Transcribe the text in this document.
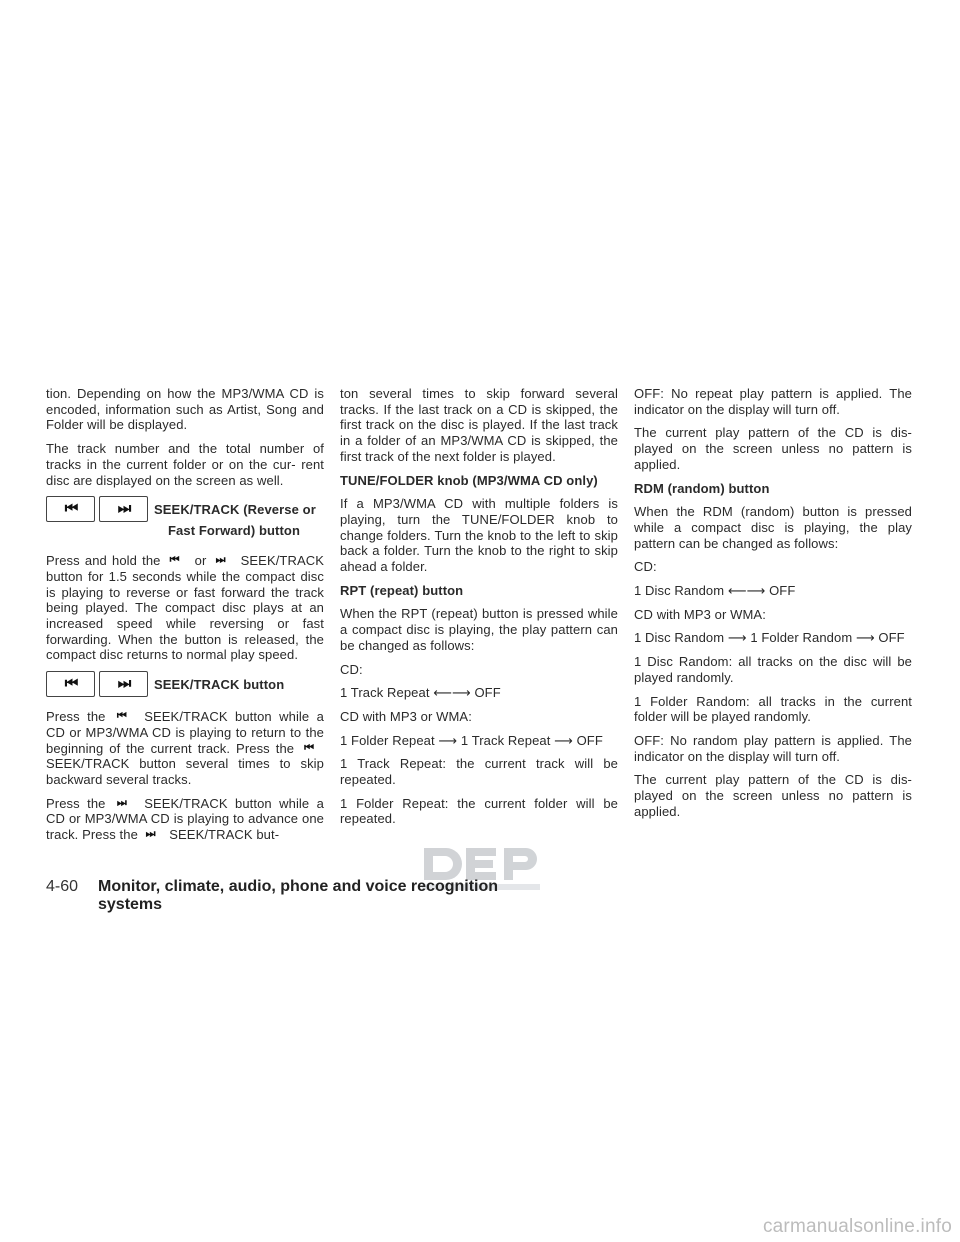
tion. Depending on how the MP3/WMA CD is encoded, information such as Artist, Song and Folder will be displayed.

The track number and the total number of tracks in the current folder or on the cur- rent disc are displayed on the screen as well.

⏮	⏭	SEEK/TRACK (Reverse or
Fast Forward) button

Press and hold the ⏮ or ⏭ SEEK/TRACK button for 1.5 seconds while the compact disc is playing to reverse or fast forward the track being played. The compact disc plays at an increased speed while reversing or fast forwarding. When the button is released, the compact disc returns to normal play speed.

⏮	⏭	SEEK/TRACK button

Press the ⏮ SEEK/TRACK button while a CD or MP3/WMA CD is playing to return to the beginning of the current track. Press the ⏮ SEEK/TRACK button several times to skip backward several tracks.

Press the ⏭ SEEK/TRACK button while a CD or MP3/WMA CD is playing to advance one track. Press the ⏭ SEEK/TRACK but-

ton several times to skip forward several tracks. If the last track on a CD is skipped, the first track on the disc is played. If the last track in a folder of an MP3/WMA CD is skipped, the first track of the next folder is played.

TUNE/FOLDER knob (MP3/WMA CD only)

If a MP3/WMA CD with multiple folders is playing, turn the TUNE/FOLDER knob to change folders. Turn the knob to the left to skip back a folder. Turn the knob to the right to skip ahead a folder.

RPT (repeat) button

When the RPT (repeat) button is pressed while a compact disc is playing, the play pattern can be changed as follows:

CD:

1 Track Repeat ⟵⟶ OFF

CD with MP3 or WMA:

1 Folder Repeat ⟶ 1 Track Repeat ⟶ OFF

1 Track Repeat: the current track will be repeated.

1 Folder Repeat: the current folder will be repeated.

OFF: No repeat play pattern is applied. The indicator on the display will turn off.

The current play pattern of the CD is dis- played on the screen unless no pattern is applied.

RDM (random) button

When the RDM (random) button is pressed while a compact disc is playing, the play pattern can be changed as follows:

CD:

1 Disc Random ⟵⟶ OFF

CD with MP3 or WMA:

1 Disc Random ⟶ 1 Folder Random ⟶ OFF

1 Disc Random: all tracks on the disc will be played randomly.

1 Folder Random: all tracks in the current folder will be played randomly.

OFF: No random play pattern is applied. The indicator on the display will turn off.

The current play pattern of the CD is dis- played on the screen unless no pattern is applied.

4-60 Monitor, climate, audio, phone and voice recognition systems
carmanualsonline.info
